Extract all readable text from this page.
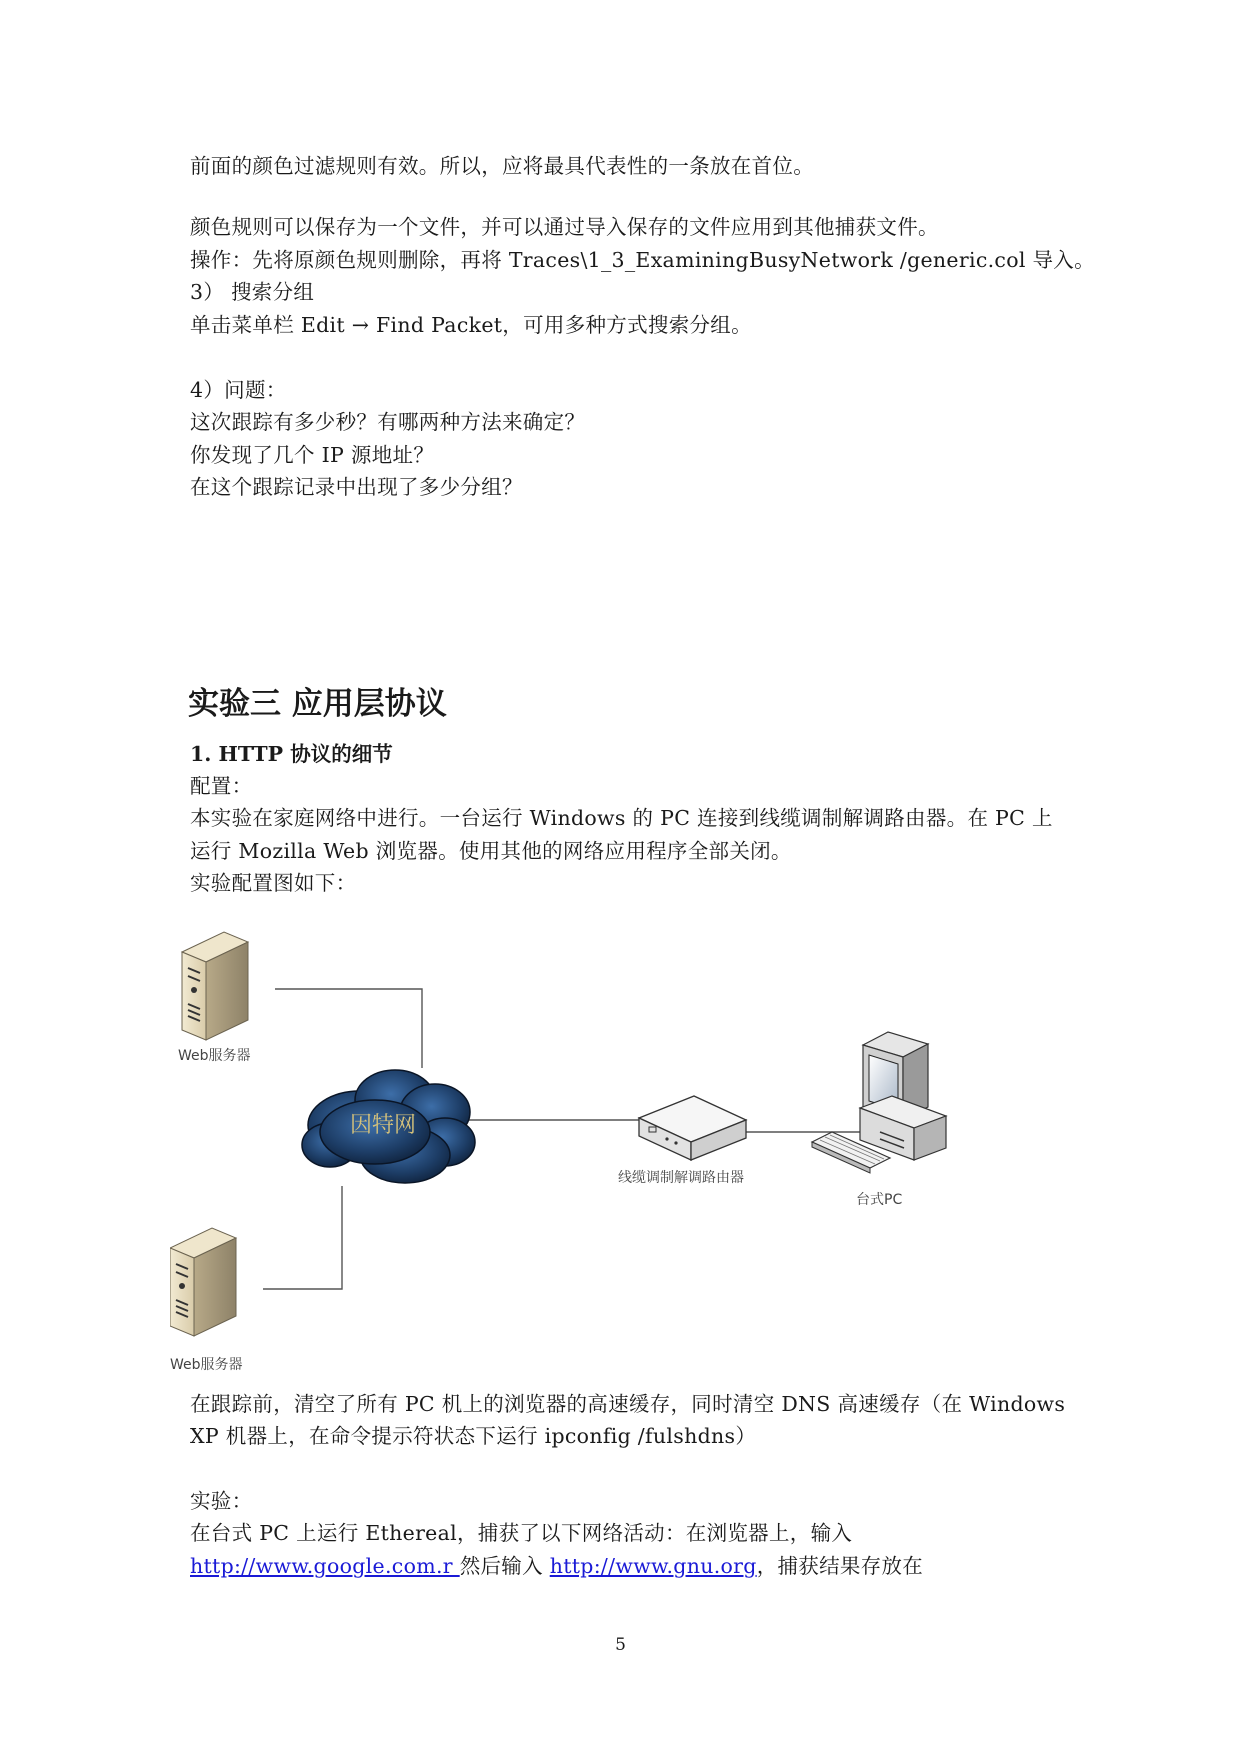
前面的颜色过滤规则有效。所以，应将最具代表性的一条放在首位。
颜色规则可以保存为一个文件，并可以通过导入保存的文件应用到其他捕获文件。
操作：先将原颜色规则删除，再将 Traces\1_3_ExaminingBusyNetwork /generic.col 导入。
3） 搜索分组
单击菜单栏 Edit → Find Packet，可用多种方式搜索分组。
4）问题：
这次跟踪有多少秒？有哪两种方法来确定？
你发现了几个 IP 源地址？
在这个跟踪记录中出现了多少分组？
实验三 应用层协议
1. HTTP 协议的细节
配置：
本实验在家庭网络中进行。一台运行 Windows 的 PC 连接到线缆调制解调路由器。在 PC 上
运行 Mozilla Web 浏览器。使用其他的网络应用程序全部关闭。
实验配置图如下：
Web服务器
Web服务器
因特网
线缆调制解调路由器
台式PC
在跟踪前，清空了所有 PC 机上的浏览器的高速缓存，同时清空 DNS 高速缓存（在 Windows
XP 机器上，在命令提示符状态下运行 ipconfig /fulshdns）
实验：
在台式 PC 上运行 Ethereal，捕获了以下网络活动：在浏览器上，输入
http://www.google.com.r 然后输入 http://www.gnu.org，捕获结果存放在
5
